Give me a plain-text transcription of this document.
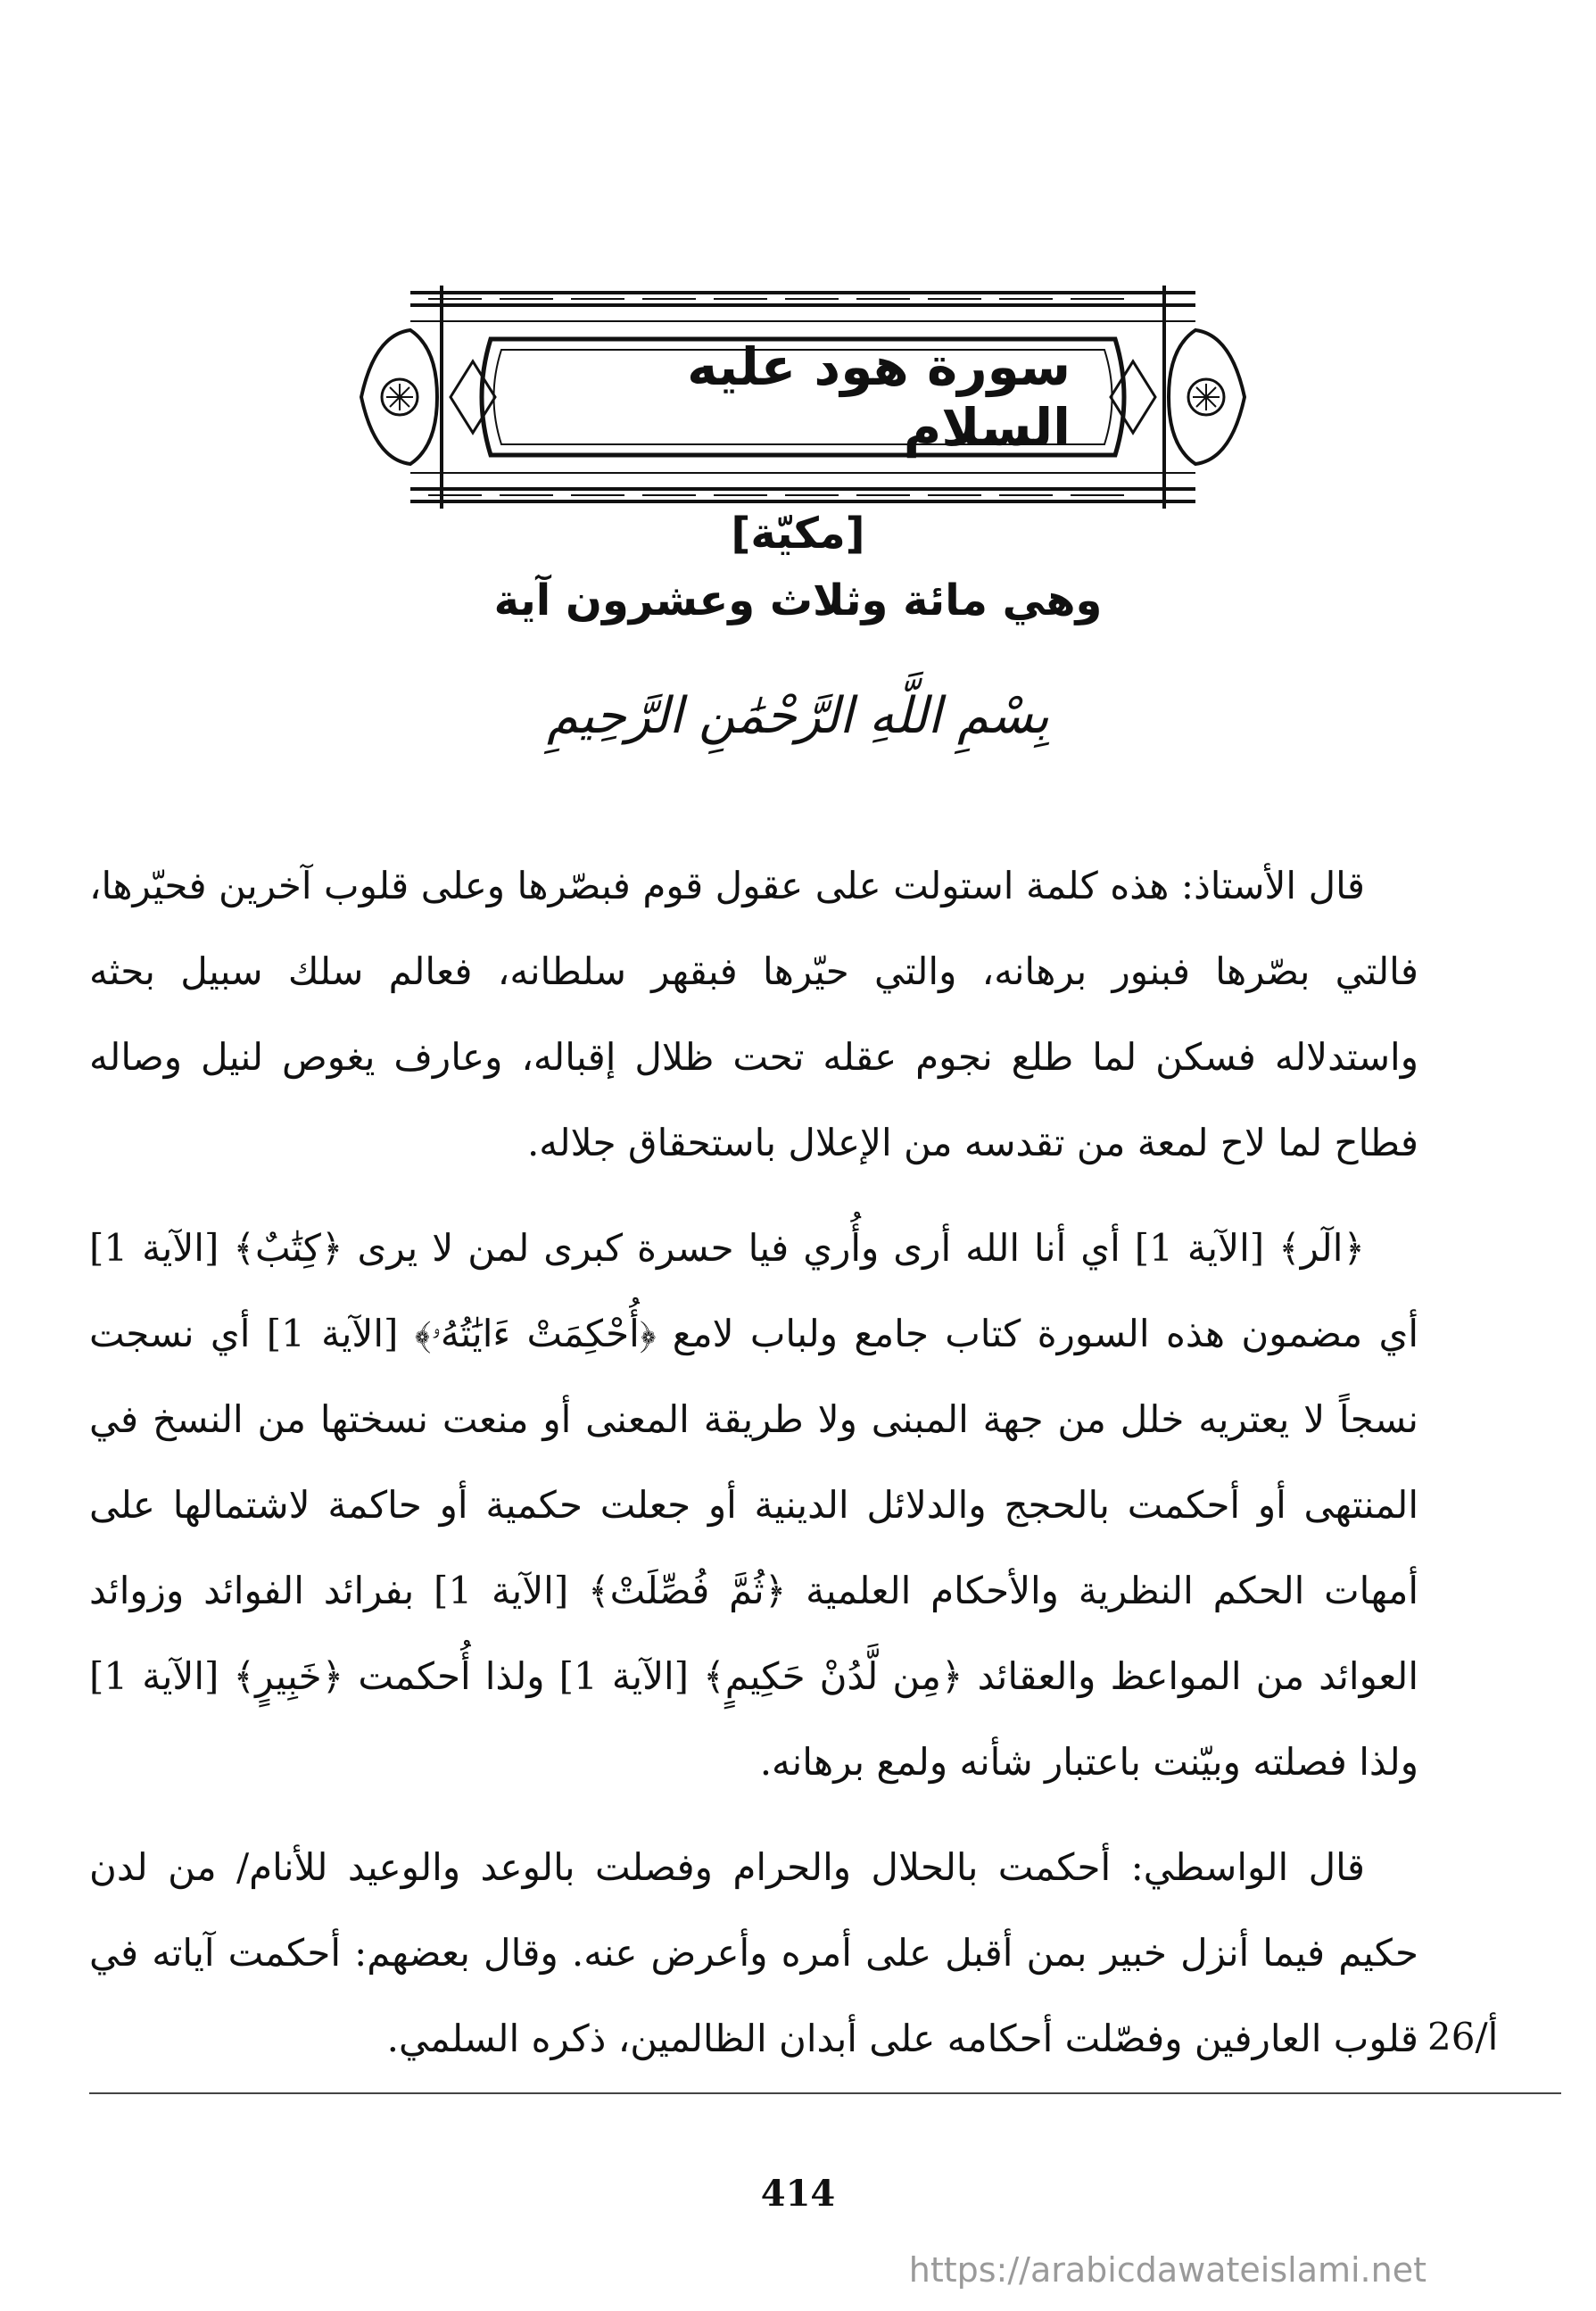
سورة هود عليه السلام
[مكيّة]
وهي مائة وثلاث وعشرون آية
بِسْمِ اللَّهِ الرَّحْمَٰنِ الرَّحِيمِ

قال الأستاذ: هذه كلمة استولت على عقول قوم فبصّرها وعلى قلوب آخرين فحيّرها، فالتي بصّرها فبنور برهانه، والتي حيّرها فبقهر سلطانه، فعالم سلك سبيل بحثه واستدلاله فسكن لما طلع نجوم عقله تحت ظلال إقباله، وعارف يغوص لنيل وصاله فطاح لما لاح لمعة من تقدسه من الإعلال باستحقاق جلاله.

﴿الٓر﴾ [الآية 1] أي أنا الله أرى وأُري فيا حسرة كبرى لمن لا يرى ﴿كِتَٰبٌ﴾ [الآية 1] أي مضمون هذه السورة كتاب جامع ولباب لامع ﴿أُحْكِمَتْ ءَايَٰتُهُۥ﴾ [الآية 1] أي نسجت نسجاً لا يعتريه خلل من جهة المبنى ولا طريقة المعنى أو منعت نسختها من النسخ في المنتهى أو أحكمت بالحجج والدلائل الدينية أو جعلت حكمية أو حاكمة لاشتمالها على أمهات الحكم النظرية والأحكام العلمية ﴿ثُمَّ فُصِّلَتْ﴾ [الآية 1] بفرائد الفوائد وزوائد العوائد من المواعظ والعقائد ﴿مِن لَّدُنْ حَكِيمٍ﴾ [الآية 1] ولذا أُحكمت ﴿خَبِيرٍ﴾ [الآية 1] ولذا فصلته وبيّنت باعتبار شأنه ولمع برهانه.

قال الواسطي: أحكمت بالحلال والحرام وفصلت بالوعد والوعيد للأنام/ من لدن حكيم فيما أنزل خبير بمن أقبل على أمره وأعرض عنه. وقال بعضهم: أحكمت آياته في قلوب العارفين وفصّلت أحكامه على أبدان الظالمين، ذكره السلمي. 26/أ
414
https://arabicdawateislami.net
